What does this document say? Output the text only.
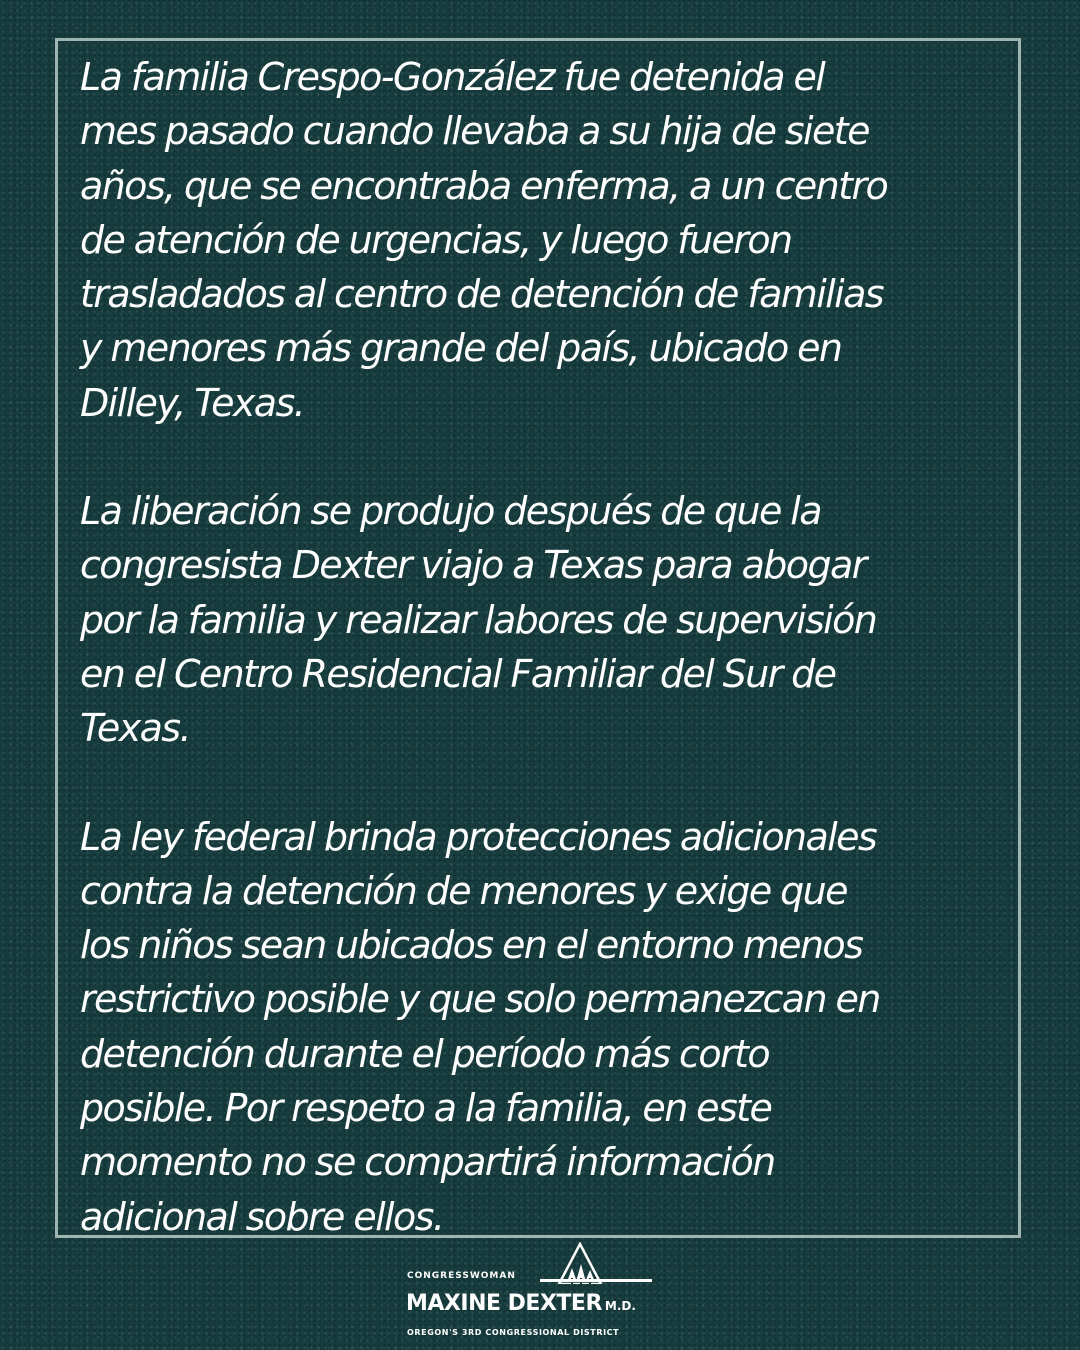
La familia Crespo-González fue detenida el
mes pasado cuando llevaba a su hija de siete
años, que se encontraba enferma, a un centro
de atención de urgencias, y luego fueron
trasladados al centro de detención de familias
y menores más grande del país, ubicado en
Dilley, Texas.

La liberación se produjo después de que la
congresista Dexter viajo a Texas para abogar
por la familia y realizar labores de supervisión
en el Centro Residencial Familiar del Sur de
Texas.

La ley federal brinda protecciones adicionales
contra la detención de menores y exige que
los niños sean ubicados en el entorno menos
restrictivo posible y que solo permanezcan en
detención durante el período más corto
posible. Por respeto a la familia, en este
momento no se compartirá información
adicional sobre ellos.

CONGRESSWOMAN
MAXINE DEXTER M.D.
OREGON'S 3RD CONGRESSIONAL DISTRICT
